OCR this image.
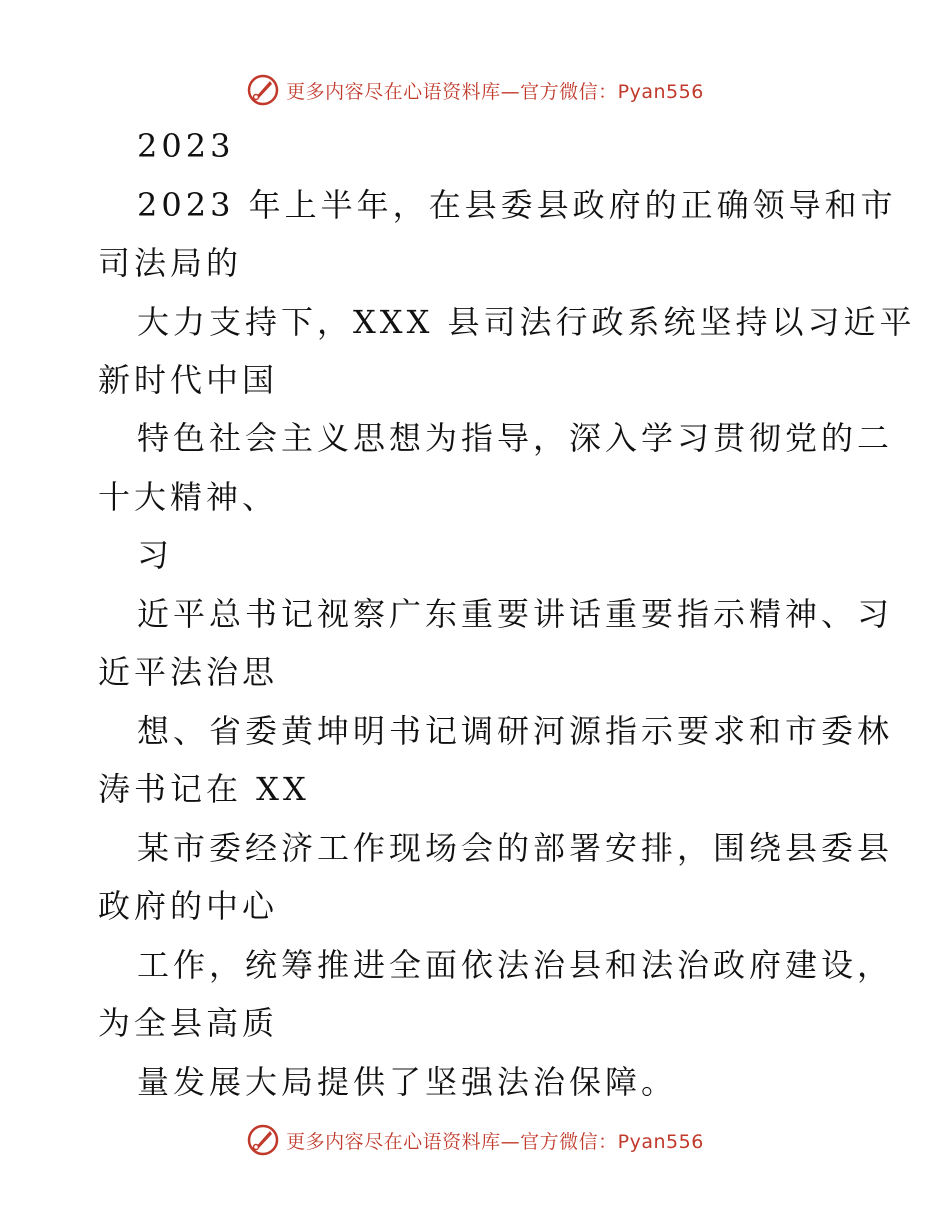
更多内容尽在心语资料库—官方微信：Pyan556
2023
2023 年上半年，在县委县政府的正确领导和市
司法局的
大力支持下，XXX 县司法行政系统坚持以习近平
新时代中国
特色社会主义思想为指导，深入学习贯彻党的二
十大精神、
习
近平总书记视察广东重要讲话重要指示精神、习
近平法治思
想、省委黄坤明书记调研河源指示要求和市委林
涛书记在 XX
某市委经济工作现场会的部署安排，围绕县委县
政府的中心
工作，统筹推进全面依法治县和法治政府建设，
为全县高质
量发展大局提供了坚强法治保障。
更多内容尽在心语资料库—官方微信：Pyan556
